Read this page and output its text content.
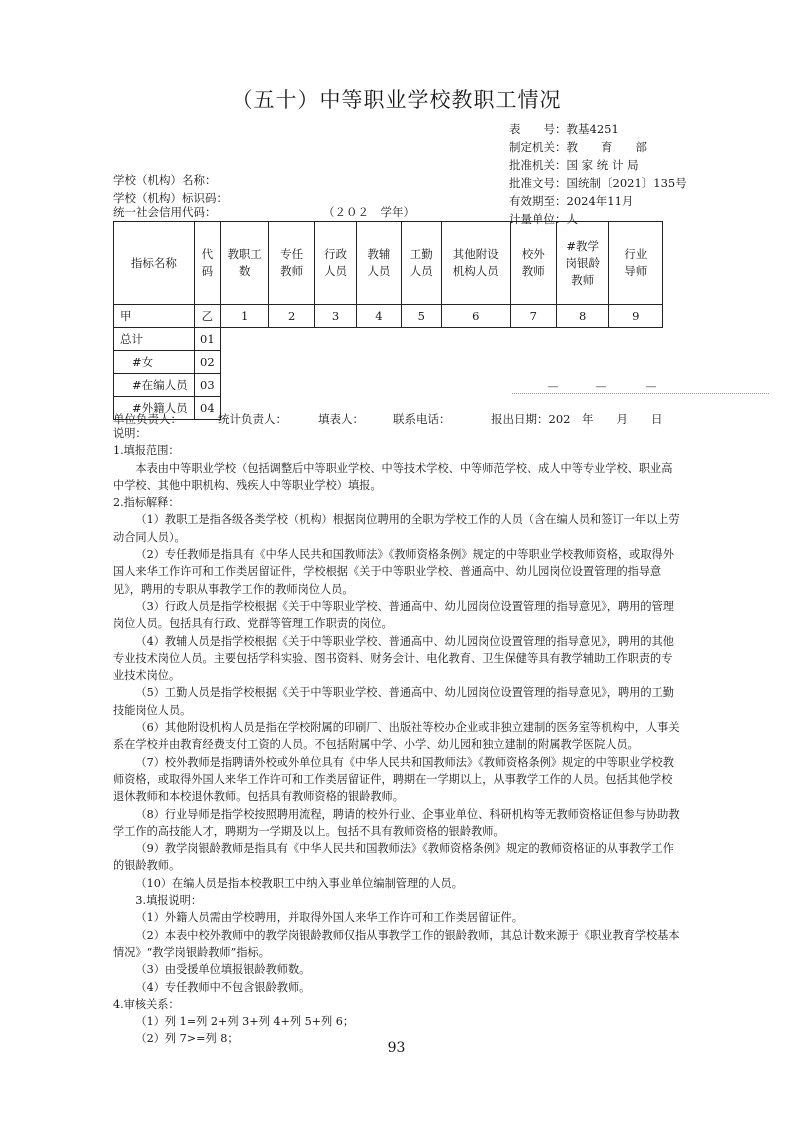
（五十）中等职业学校教职工情况
表　　号：教基4251
制定机关：教　　育　　部
批准机关：国 家 统 计 局
批准文号：国统制〔2021〕135号
有效期至：2024年11月
计量单位：人
学校（机构）名称：
学校（机构）标识码：
统一社会信用代码：	（２０２　学年）
指标名称	代码	教职工数	专任教师	行政人员	教辅人员	工勤人员	其他附设机构人员	校外教师	#教学岗银龄教师	行业导师
甲	乙	1	2	3	4	5	6	7	8	9
总计	01	— — —								

#女	02									
#在编人员	03									
#外籍人员	04									
单位负责人：	统计负责人：	填表人：	联系电话：	报出日期：202　年　　月　　日

说明：

1.填报范围：

本表由中等职业学校（包括调整后中等职业学校、中等技术学校、中等师范学校、成人中等专业学校、职业高中学校、其他中职机构、残疾人中等职业学校）填报。

2.指标解释：

（1）教职工是指各级各类学校（机构）根据岗位聘用的全职为学校工作的人员（含在编人员和签订一年以上劳动合同人员）。

（2）专任教师是指具有《中华人民共和国教师法》《教师资格条例》规定的中等职业学校教师资格，或取得外国人来华工作许可和工作类居留证件，学校根据《关于中等职业学校、普通高中、幼儿园岗位设置管理的指导意见》，聘用的专职从事教学工作的教师岗位人员。

（3）行政人员是指学校根据《关于中等职业学校、普通高中、幼儿园岗位设置管理的指导意见》，聘用的管理岗位人员。包括具有行政、党群等管理工作职责的岗位。

（4）教辅人员是指学校根据《关于中等职业学校、普通高中、幼儿园岗位设置管理的指导意见》，聘用的其他专业技术岗位人员。主要包括学科实验、图书资料、财务会计、电化教育、卫生保健等具有教学辅助工作职责的专业技术岗位。

（5）工勤人员是指学校根据《关于中等职业学校、普通高中、幼儿园岗位设置管理的指导意见》，聘用的工勤技能岗位人员。

（6）其他附设机构人员是指在学校附属的印刷厂、出版社等校办企业或非独立建制的医务室等机构中，人事关系在学校并由教育经费支付工资的人员。不包括附属中学、小学、幼儿园和独立建制的附属教学医院人员。

（7）校外教师是指聘请外校或外单位具有《中华人民共和国教师法》《教师资格条例》规定的中等职业学校教师资格，或取得外国人来华工作许可和工作类居留证件，聘期在一学期以上，从事教学工作的人员。包括其他学校退休教师和本校退休教师。包括具有教师资格的银龄教师。

（8）行业导师是指学校按照聘用流程，聘请的校外行业、企事业单位、科研机构等无教师资格证但参与协助教学工作的高技能人才，聘期为一学期及以上。包括不具有教师资格的银龄教师。

（9）教学岗银龄教师是指具有《中华人民共和国教师法》《教师资格条例》规定的教师资格证的从事教学工作的银龄教师。

（10）在编人员是指本校教职工中纳入事业单位编制管理的人员。

3.填报说明：

（1）外籍人员需由学校聘用，并取得外国人来华工作许可和工作类居留证件。

（2）本表中校外教师中的教学岗银龄教师仅指从事教学工作的银龄教师，其总计数来源于《职业教育学校基本情况》“教学岗银龄教师”指标。

（3）由受援单位填报银龄教师数。

（4）专任教师中不包含银龄教师。

4.审核关系：

（1）列 1=列 2+列 3+列 4+列 5+列 6；

（2）列 7>=列 8；

93
